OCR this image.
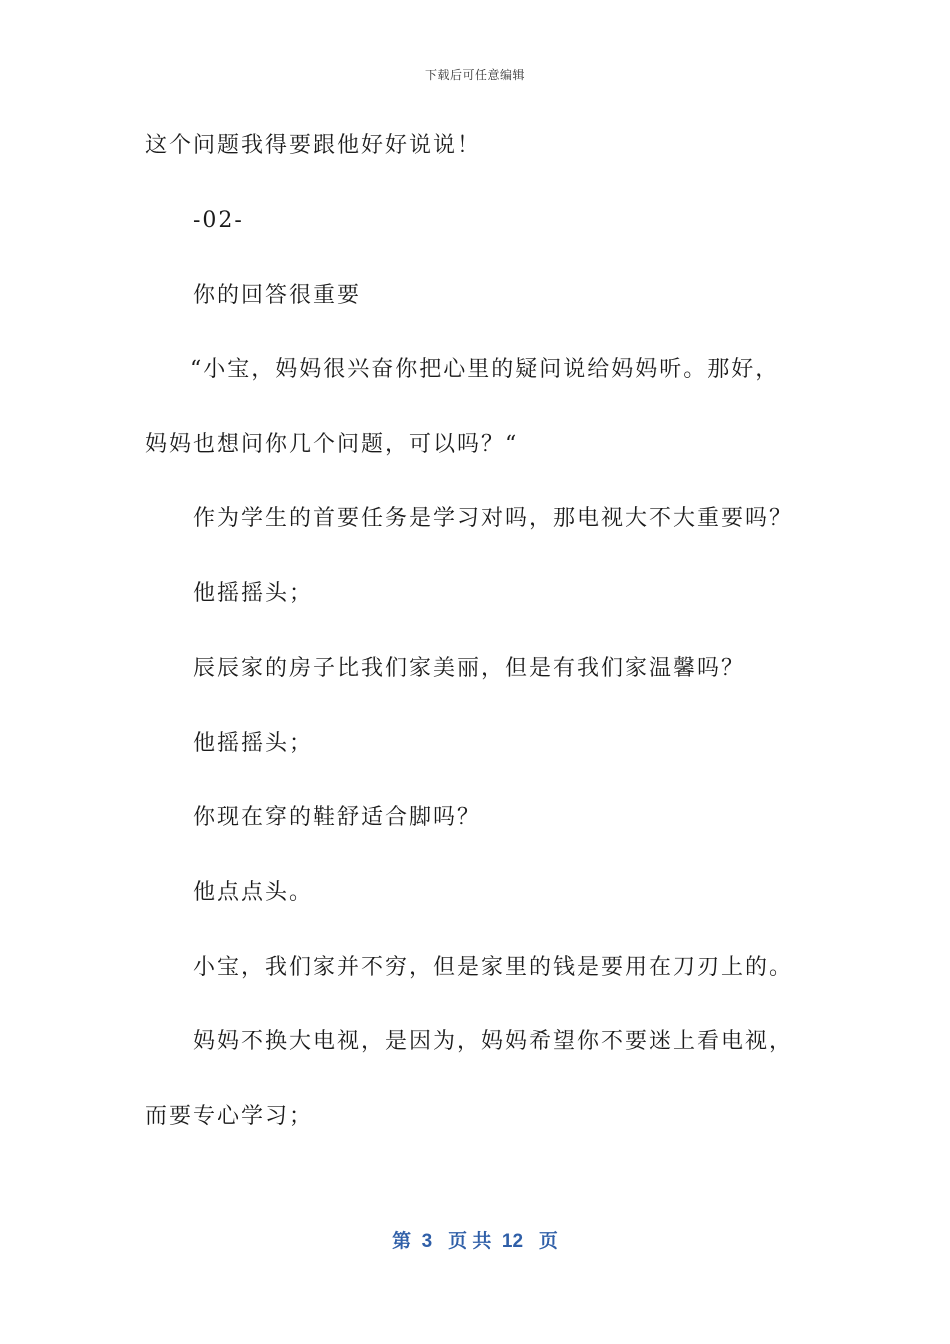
下载后可任意编辑
这个问题我得要跟他好好说说！
-02-
你的回答很重要
“小宝，妈妈很兴奋你把心里的疑问说给妈妈听。那好，
妈妈也想问你几个问题，可以吗？“
作为学生的首要任务是学习对吗，那电视大不大重要吗？
他摇摇头；
辰辰家的房子比我们家美丽，但是有我们家温馨吗？
他摇摇头；
你现在穿的鞋舒适合脚吗？
他点点头。
小宝，我们家并不穷，但是家里的钱是要用在刀刃上的。
妈妈不换大电视，是因为，妈妈希望你不要迷上看电视，
而要专心学习；
第  3   页 共  12   页
